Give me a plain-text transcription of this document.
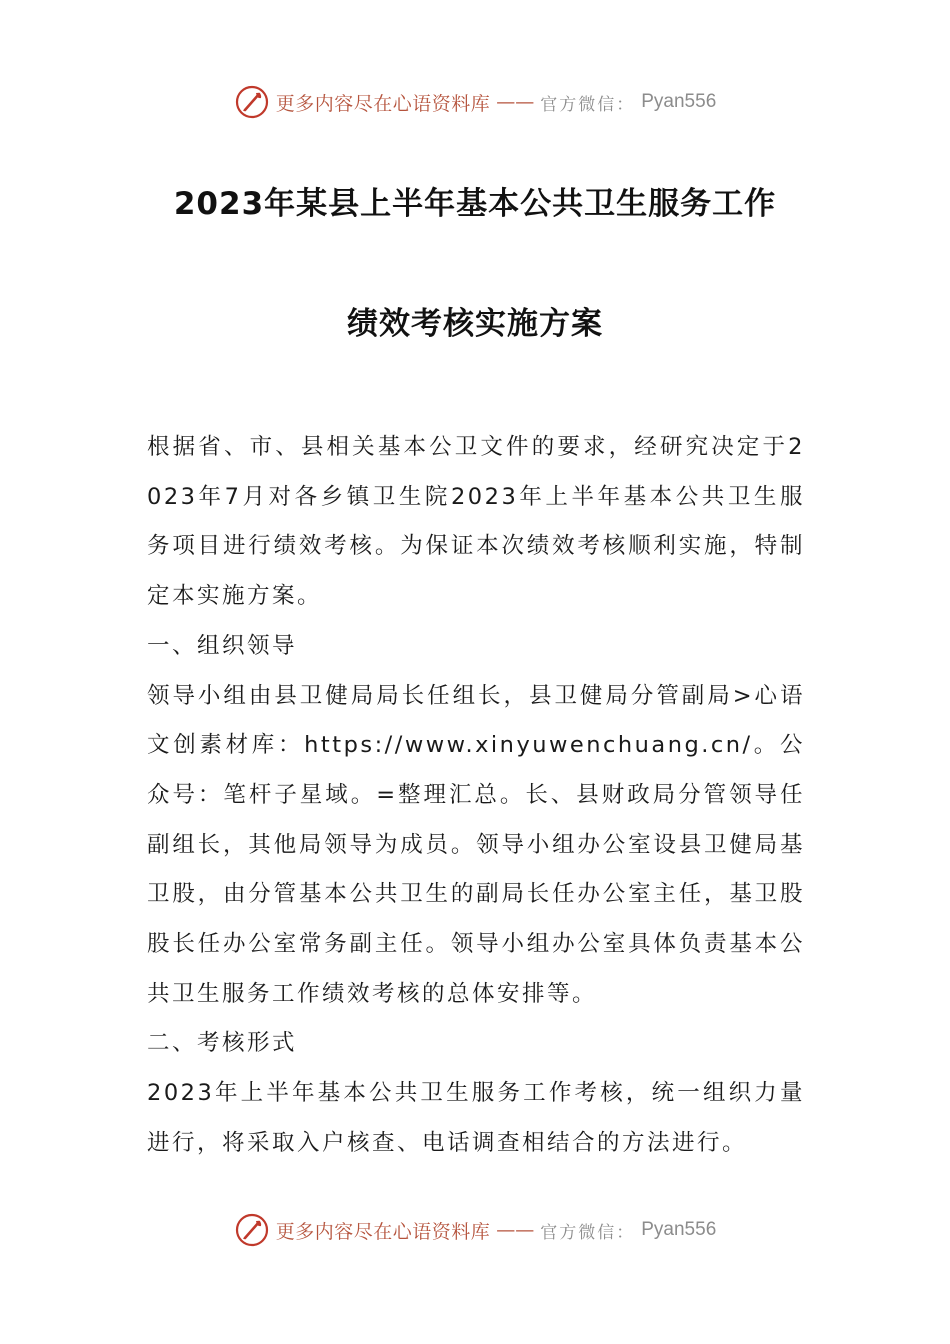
更多内容尽在心语资料库 —— 官方微信： Pyan556
2023年某县上半年基本公共卫生服务工作
绩效考核实施方案

根据省、市、县相关基本公卫文件的要求，经研究决定于2023年7月对各乡镇卫生院2023年上半年基本公共卫生服务项目进行绩效考核。为保证本次绩效考核顺利实施，特制定本实施方案。

一、组织领导

领导小组由县卫健局局长任组长，县卫健局分管副局>心语文创素材库：https://www.xinyuwenchuang.cn/。公众号：笔杆子星域。=整理汇总。长、县财政局分管领导任副组长，其他局领导为成员。领导小组办公室设县卫健局基卫股，由分管基本公共卫生的副局长任办公室主任，基卫股股长任办公室常务副主任。领导小组办公室具体负责基本公共卫生服务工作绩效考核的总体安排等。

二、考核形式

2023年上半年基本公共卫生服务工作考核，统一组织力量进行，将采取入户核查、电话调查相结合的方法进行。

更多内容尽在心语资料库 —— 官方微信： Pyan556
